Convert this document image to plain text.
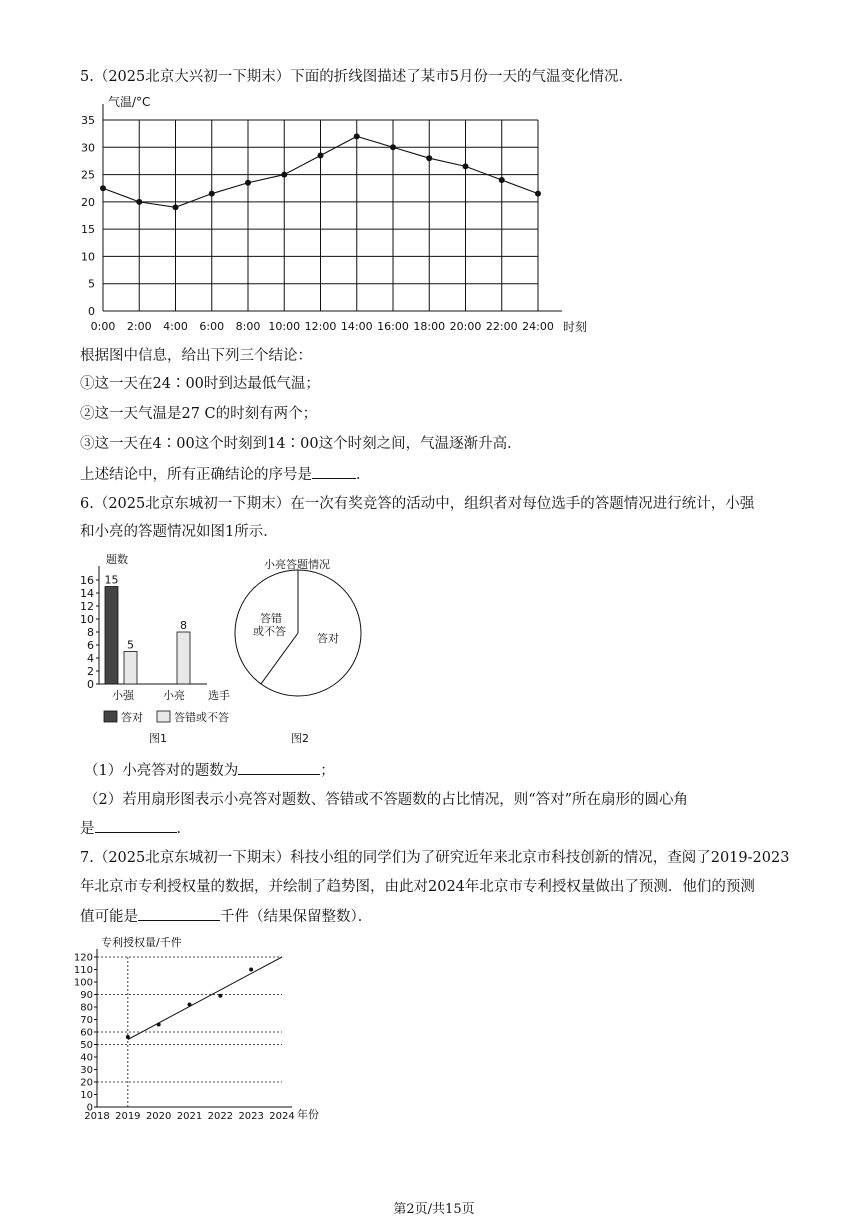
5.（2025北京大兴初一下期末）下面的折线图描述了某市5月份一天的气温变化情况．
0
5
10
15
20
25
30
35
0:00 2:00 4:00 6:00 8:00 10:00 12:00 14:00 16:00 18:00 20:00 22:00 24:00
气温/°C
时刻
根据图中信息，给出下列三个结论：
①这一天在24∶00时到达最低气温；
②这一天气温是27 C的时刻有两个；
③这一天在4∶00这个时刻到14∶00这个时刻之间，气温逐渐升高．
上述结论中，所有正确结论的序号是	．
6.（2025北京东城初一下期末）在一次有奖竞答的活动中，组织者对每位选手的答题情况进行统计，小强
和小亮的答题情况如图1所示．
0
2
4
6
8
10
12
14
16 15
5
8
题数
选手
小强	小亮
答对	答错或不答
图1
小亮答题情况
答错
或不答
答对
图2
（1）小亮答对的题数为	；
（2）若用扇形图表示小亮答对题数、答错或不答题数的占比情况，则“答对”所在扇形的圆心角
是	．
7.（2025北京东城初一下期末）科技小组的同学们为了研究近年来北京市科技创新的情况，查阅了2019-2023
年北京市专利授权量的数据，并绘制了趋势图，由此对2024年北京市专利授权量做出了预测．他们的预测
值可能是	千件（结果保留整数）．
0
10
20
30
40
50
60
70
80
90
100
110
120
2018 2019 2020 2021 2022 2023 2024
专利授权量/千件
年份
第2页/共15页
